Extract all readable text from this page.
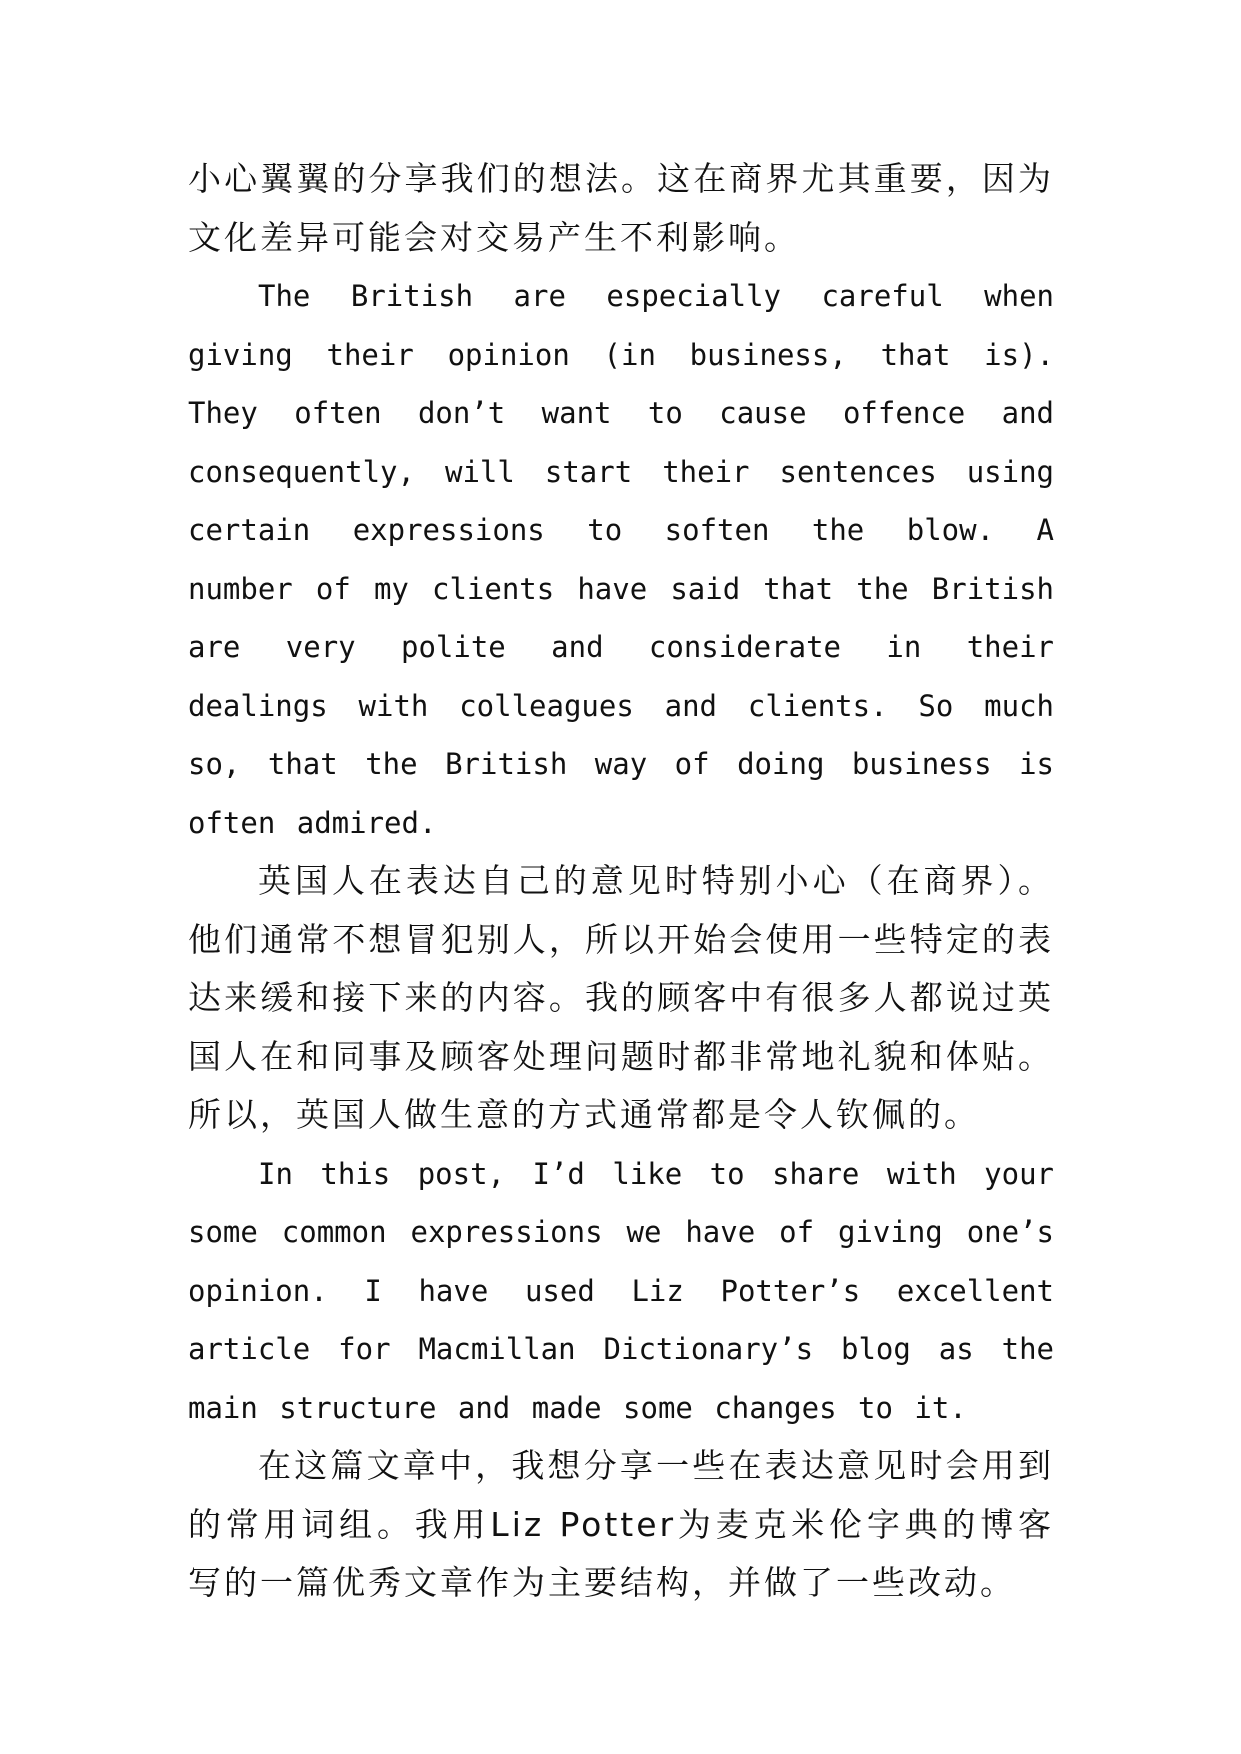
小心翼翼的分享我们的想法。这在商界尤其重要，因为文化差异可能会对交易产生不利影响。

The British are especially careful when giving their opinion (in business, that is). They often don’t want to cause offence and consequently, will start their sentences using certain expressions to soften the blow. A number of my clients have said that the British are very polite and considerate in their dealings with colleagues and clients. So much so, that the British way of doing business is often admired.

英国人在表达自己的意见时特别小心（在商界）。他们通常不想冒犯别人，所以开始会使用一些特定的表达来缓和接下来的内容。我的顾客中有很多人都说过英国人在和同事及顾客处理问题时都非常地礼貌和体贴。所以，英国人做生意的方式通常都是令人钦佩的。

In this post, I’d like to share with your some common expressions we have of giving one’s opinion. I have used Liz Potter’s excellent article for Macmillan Dictionary’s blog as the main structure and made some changes to it.

在这篇文章中，我想分享一些在表达意见时会用到的常用词组。我用Liz Potter为麦克米伦字典的博客写的一篇优秀文章作为主要结构，并做了一些改动。
